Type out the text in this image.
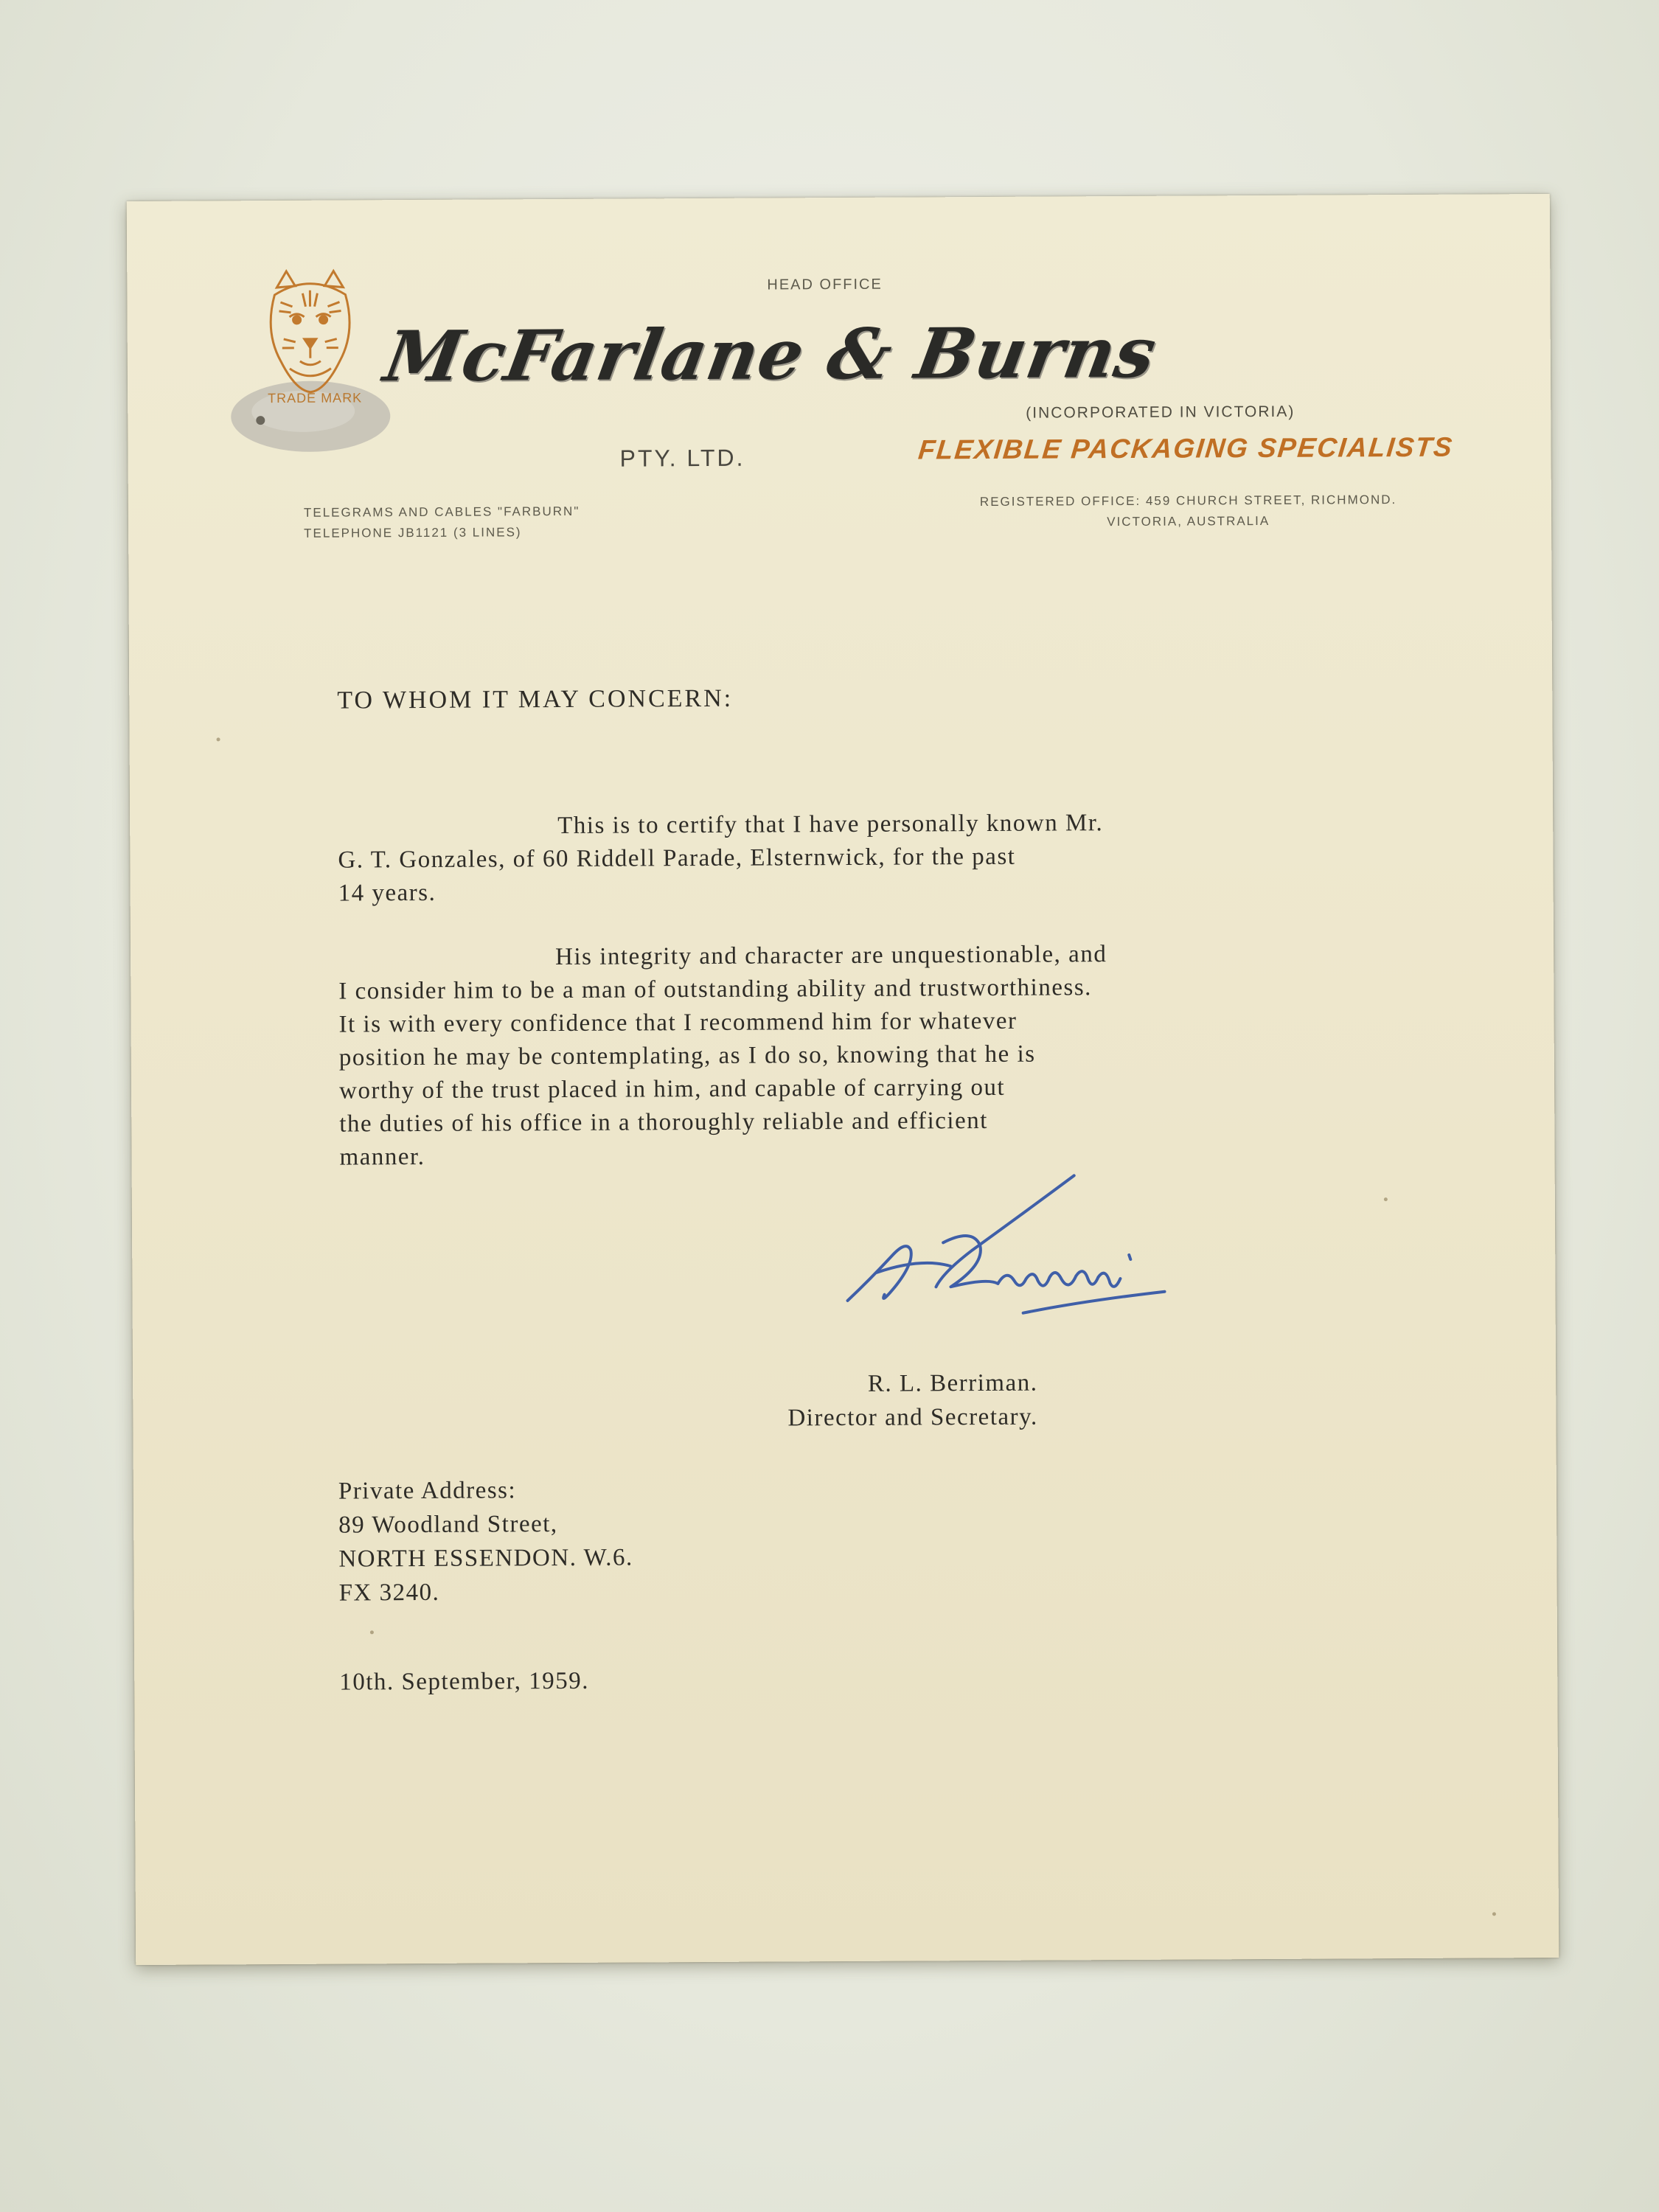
HEAD OFFICE
TRADE MARK
McFarlane & Burns
PTY. LTD.
(INCORPORATED IN VICTORIA)
FLEXIBLE PACKAGING SPECIALISTS
TELEGRAMS AND CABLES "FARBURN"
TELEPHONE JB1121 (3 LINES)
REGISTERED OFFICE: 459 CHURCH STREET, RICHMOND.
VICTORIA, AUSTRALIA
TO WHOM IT MAY CONCERN:
This is to certify that I have personally known Mr.
G. T. Gonzales, of 60 Riddell Parade, Elsternwick, for the past
14 years.
His integrity and character are unquestionable, and
I consider him to be a man of outstanding ability and trustworthiness.
It is with every confidence that I recommend him for whatever
position he may be contemplating, as I do so, knowing that he is
worthy of the trust placed in him, and capable of carrying out
the duties of his office in a thoroughly reliable and efficient
manner.
R. L. Berriman.
Director and Secretary.
Private Address:
89 Woodland Street,
NORTH ESSENDON. W.6.
FX 3240.
10th. September, 1959.
